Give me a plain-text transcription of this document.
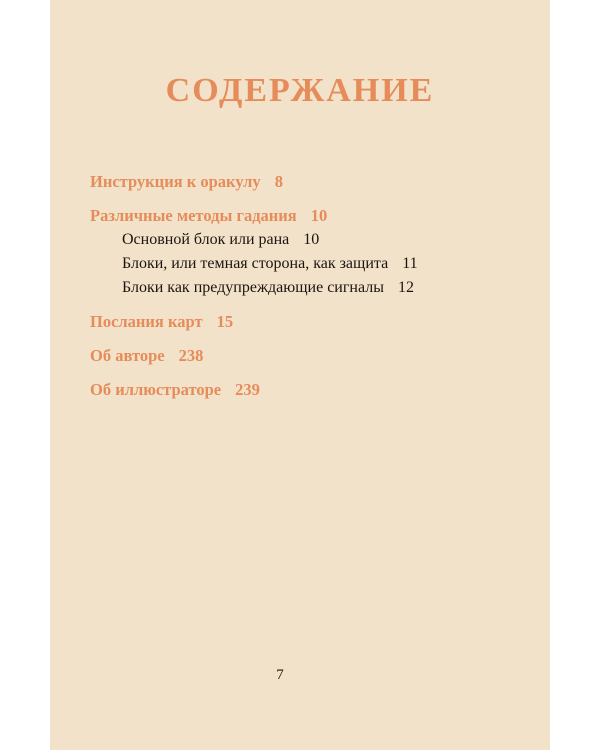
СОДЕРЖАНИЕ

Инструкция к оракулу 8

Различные методы гадания 10

Основной блок или рана 10

Блоки, или темная сторона, как защита 11

Блоки как предупреждающие сигналы 12

Послания карт 15

Об авторе 238

Об иллюстраторе 239

7
